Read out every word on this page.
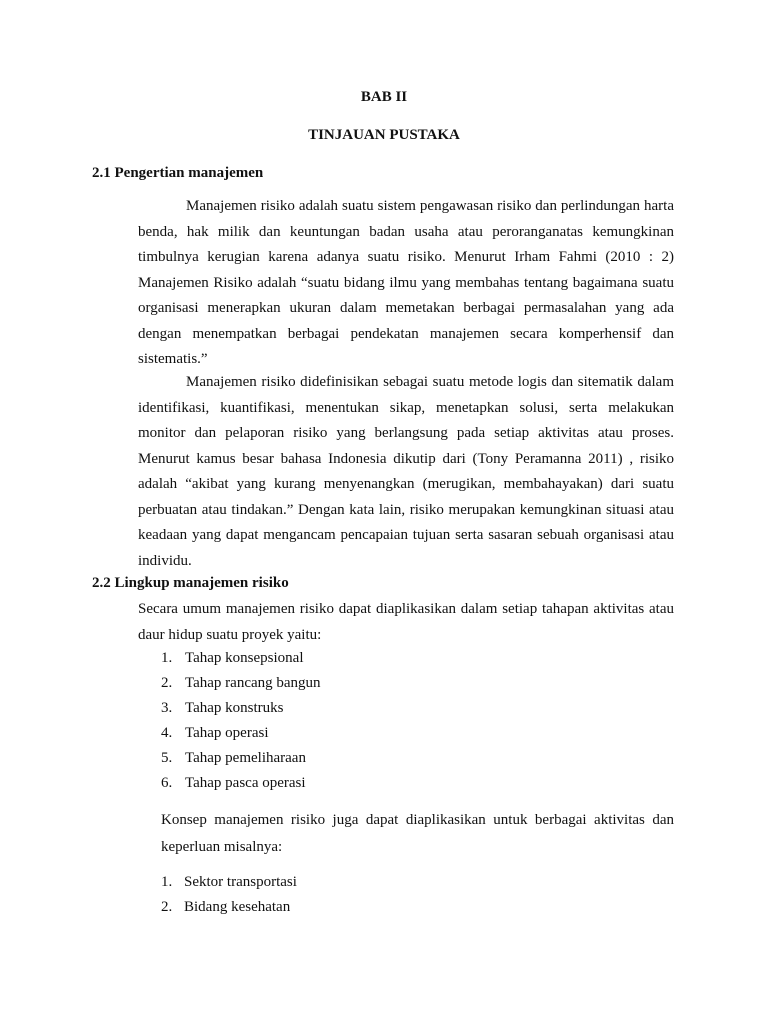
BAB II
TINJAUAN PUSTAKA
2.1 Pengertian manajemen

Manajemen risiko adalah suatu sistem pengawasan risiko dan perlindungan harta benda, hak milik dan keuntungan badan usaha atau peroranganatas kemungkinan timbulnya kerugian karena adanya suatu risiko. Menurut Irham Fahmi (2010 : 2) Manajemen Risiko adalah “suatu bidang ilmu yang membahas tentang bagaimana suatu organisasi menerapkan ukuran dalam memetakan berbagai permasalahan yang ada dengan menempatkan berbagai pendekatan manajemen secara komperhensif dan sistematis.”

Manajemen risiko didefinisikan sebagai suatu metode logis dan sitematik dalam identifikasi, kuantifikasi, menentukan sikap, menetapkan solusi, serta melakukan monitor dan pelaporan risiko yang berlangsung pada setiap aktivitas atau proses. Menurut kamus besar bahasa Indonesia dikutip dari (Tony Peramanna 2011) , risiko adalah “akibat yang kurang menyenangkan (merugikan, membahayakan) dari suatu perbuatan atau tindakan.” Dengan kata lain, risiko merupakan kemungkinan situasi atau keadaan yang dapat mengancam pencapaian tujuan serta sasaran sebuah organisasi atau individu.

2.2 Lingkup manajemen risiko

Secara umum manajemen risiko dapat diaplikasikan dalam setiap tahapan aktivitas atau daur hidup suatu proyek yaitu:

1. Tahap konsepsional
2. Tahap rancang bangun
3. Tahap konstruks
4. Tahap operasi
5. Tahap pemeliharaan
6. Tahap pasca operasi

Konsep manajemen risiko juga dapat diaplikasikan untuk berbagai aktivitas dan keperluan misalnya:

1. Sektor transportasi
2. Bidang kesehatan
